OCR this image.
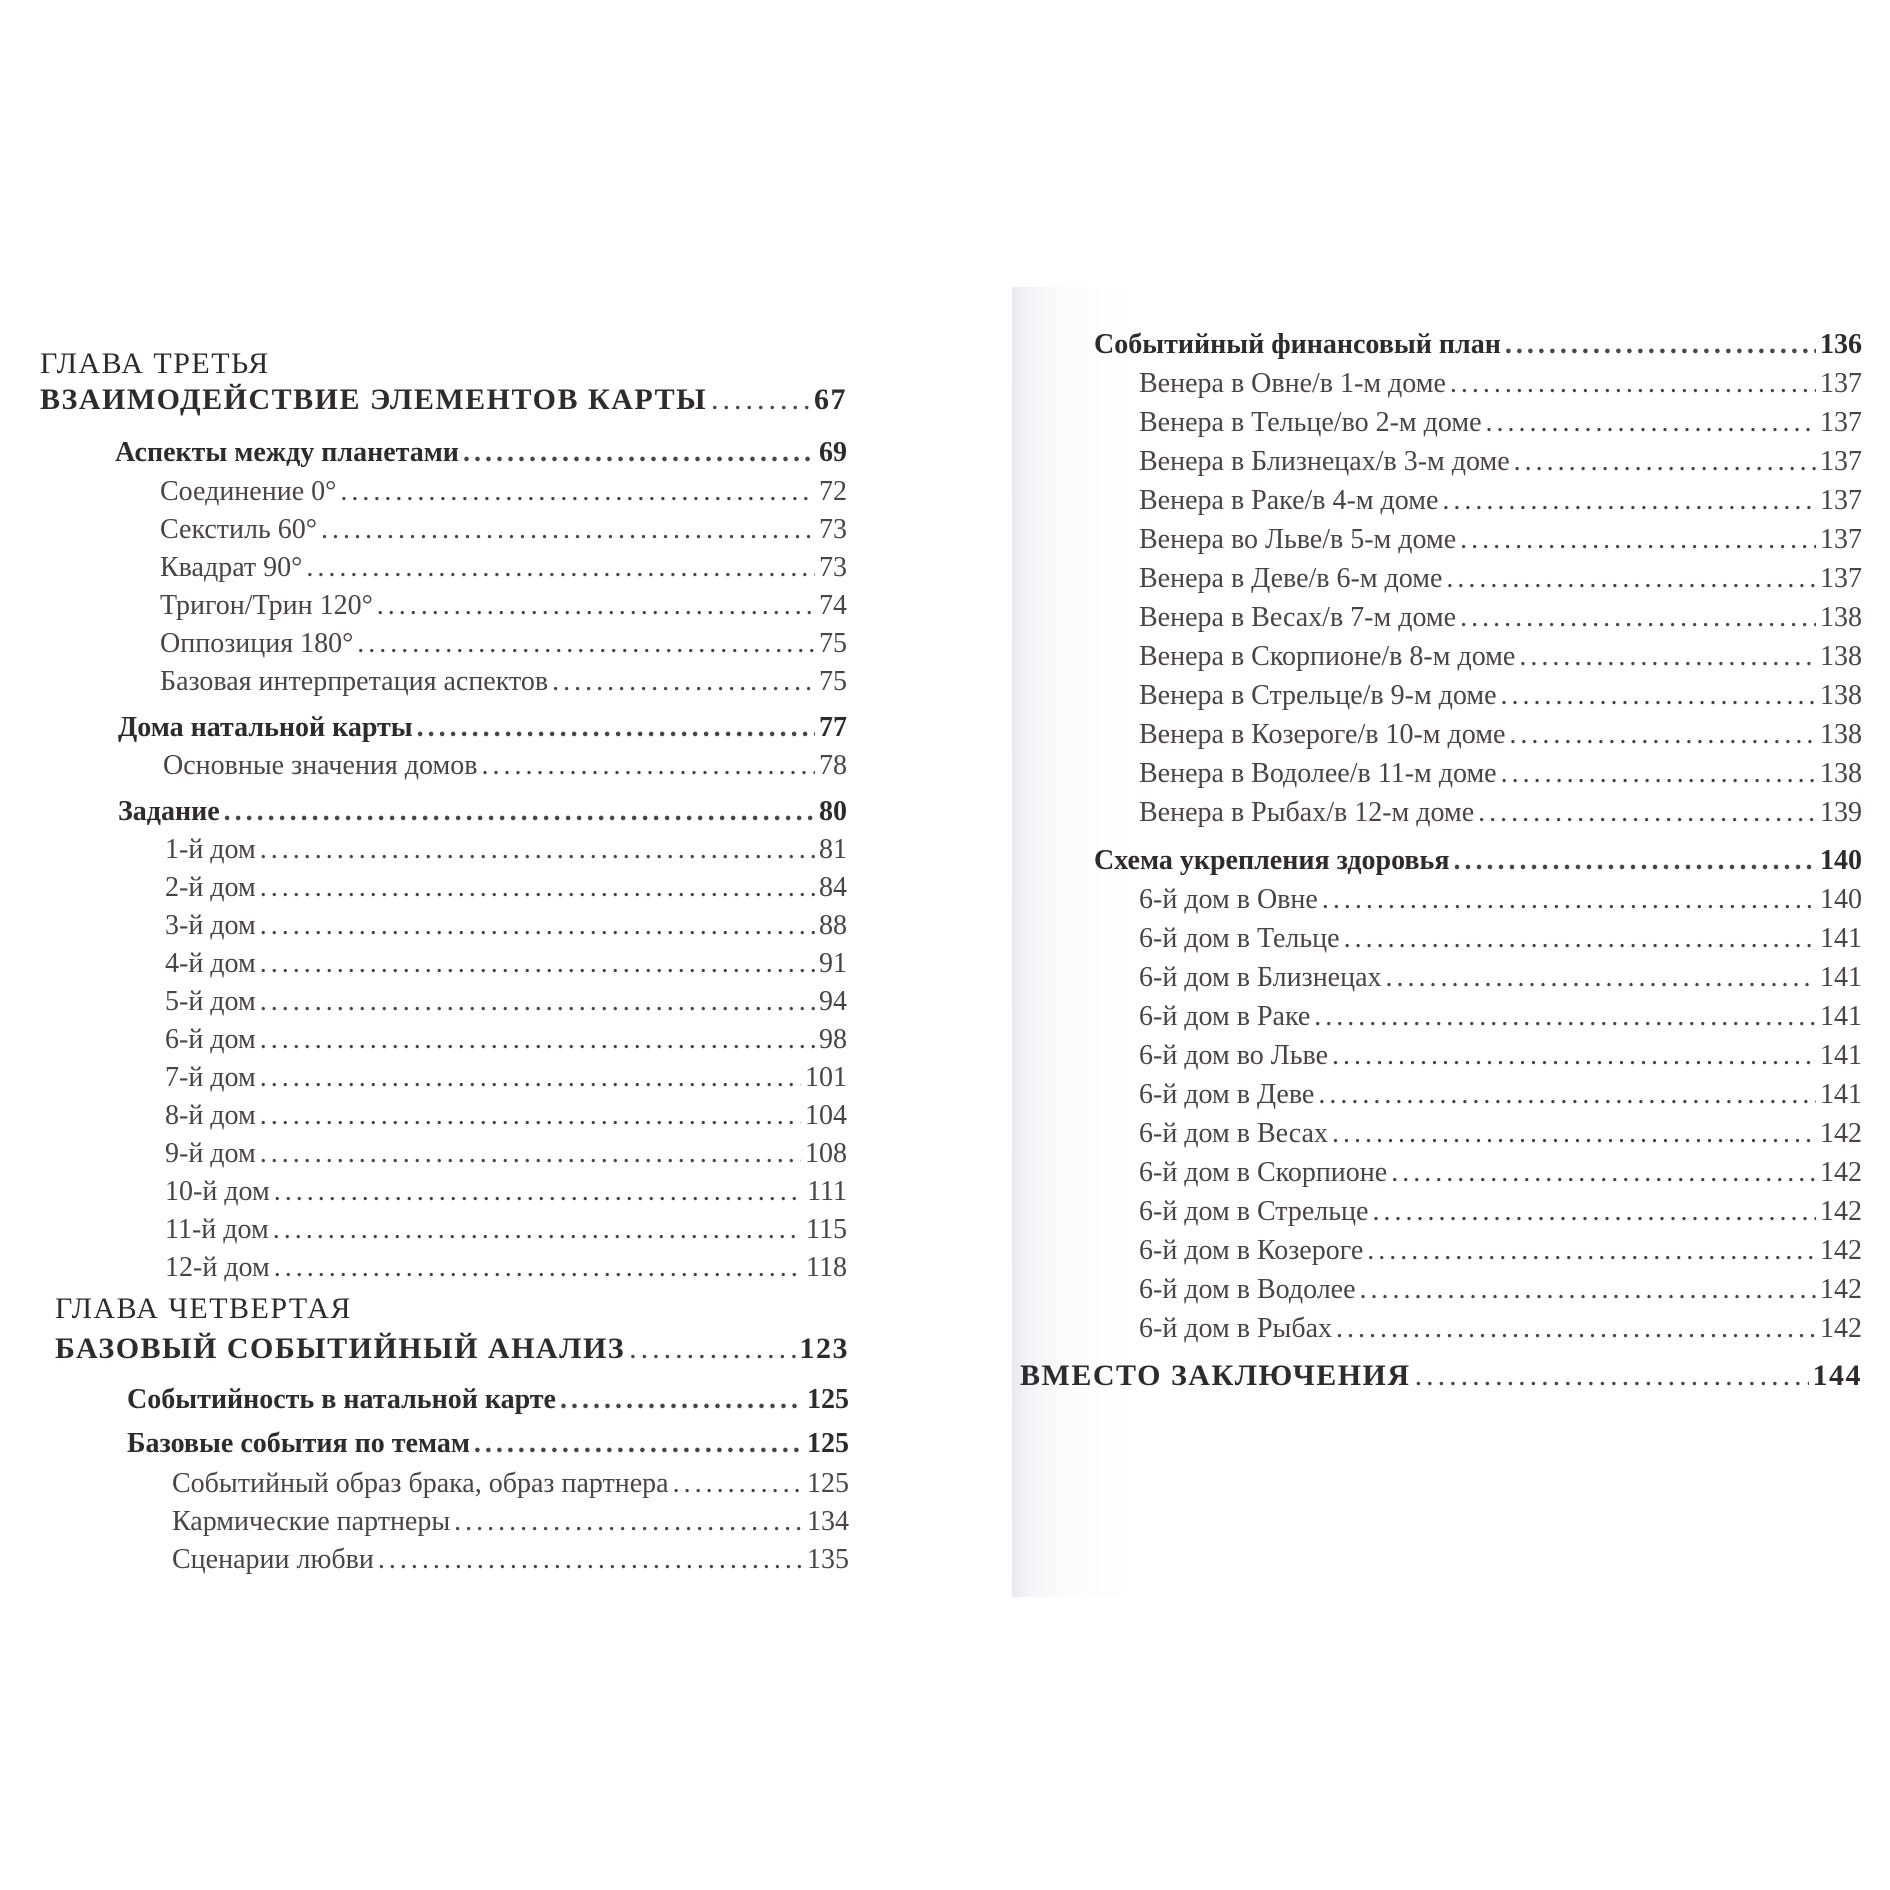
ГЛАВА ТРЕТЬЯ
ВЗАИМОДЕЙСТВИЕ ЭЛЕМЕНТОВ КАРТЫ .....	67
Аспекты между планетами .....	69
Соединение 0° .....	72
Секстиль 60° .....	73
Квадрат 90° .....	73
Тригон/Трин 120° .....	74
Оппозиция 180° .....	75
Базовая интерпретация аспектов .....	75
Дома натальной карты .....	77
Основные значения домов .....	78
Задание .....	80
1-й дом .....	81
2-й дом .....	84
3-й дом .....	88
4-й дом .....	91
5-й дом .....	94
6-й дом .....	98
7-й дом .....	101
8-й дом .....	104
9-й дом .....	108
10-й дом .....	111
11-й дом .....	115
12-й дом .....	118
ГЛАВА ЧЕТВЕРТАЯ
БАЗОВЫЙ СОБЫТИЙНЫЙ АНАЛИЗ .....	123
Событийность в натальной карте .....	125
Базовые события по темам .....	125
Событийный образ брака, образ партнера .....	125
Кармические партнеры .....	134
Сценарии любви .....	135
Событийный финансовый план .....	136
Венера в Овне/в 1-м доме .....	137
Венера в Тельце/во 2-м доме .....	137
Венера в Близнецах/в 3-м доме .....	137
Венера в Раке/в 4-м доме .....	137
Венера во Льве/в 5-м доме .....	137
Венера в Деве/в 6-м доме .....	137
Венера в Весах/в 7-м доме .....	138
Венера в Скорпионе/в 8-м доме .....	138
Венера в Стрельце/в 9-м доме .....	138
Венера в Козероге/в 10-м доме .....	138
Венера в Водолее/в 11-м доме .....	138
Венера в Рыбах/в 12-м доме .....	139
Схема укрепления здоровья .....	140
6-й дом в Овне .....	140
6-й дом в Тельце .....	141
6-й дом в Близнецах .....	141
6-й дом в Раке .....	141
6-й дом во Льве .....	141
6-й дом в Деве .....	141
6-й дом в Весах .....	142
6-й дом в Скорпионе .....	142
6-й дом в Стрельце .....	142
6-й дом в Козероге .....	142
6-й дом в Водолее .....	142
6-й дом в Рыбах .....	142
ВМЕСТО ЗАКЛЮЧЕНИЯ .....	144
